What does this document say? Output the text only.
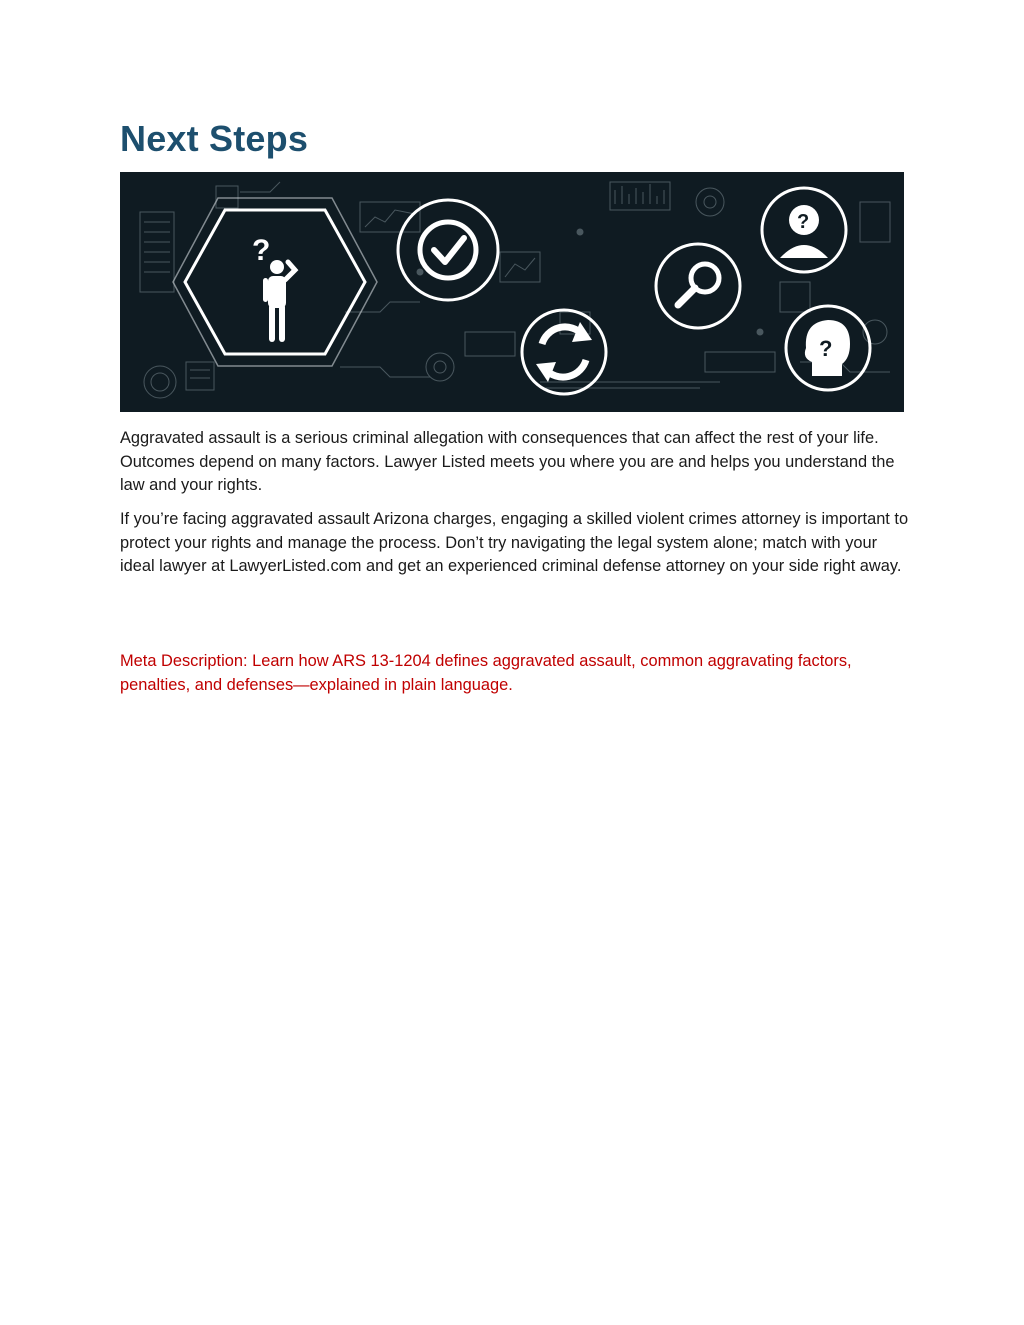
Next Steps
?
?
?

Aggravated assault is a serious criminal allegation with consequences that can affect the rest of your life. Outcomes depend on many factors. Lawyer Listed meets you where you are and helps you understand the law and your rights.

If you’re facing aggravated assault Arizona charges, engaging a skilled violent crimes attorney is important to protect your rights and manage the process. Don’t try navigating the legal system alone; match with your ideal lawyer at LawyerListed.com and get an experienced criminal defense attorney on your side right away.

Meta Description: Learn how ARS 13-1204 defines aggravated assault, common aggravating factors, penalties, and defenses—explained in plain language.
